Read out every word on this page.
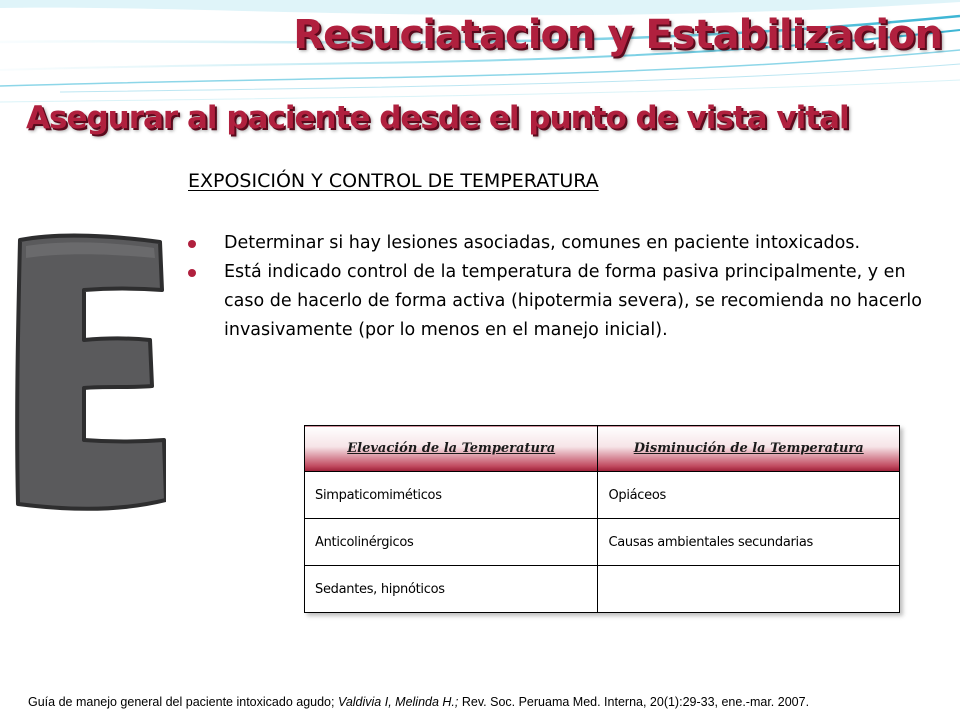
Resuciatacion y Estabilizacion
Asegurar al paciente desde el punto de vista vital
EXPOSICIÓN Y CONTROL DE TEMPERATURA
Determinar si hay lesiones asociadas, comunes en paciente intoxicados.
Está indicado control de la temperatura de forma pasiva principalmente, y en caso de hacerlo de forma activa (hipotermia severa), se recomienda no hacerlo invasivamente (por lo menos en el manejo inicial).
Elevación de la Temperatura	Disminución de la Temperatura
Simpaticomiméticos	Opiáceos
Anticolinérgicos	Causas ambientales secundarias
Sedantes, hipnóticos	
Guía de manejo general del paciente intoxicado agudo; Valdivia I, Melinda H.; Rev. Soc. Peruama Med. Interna, 20(1):29-33, ene.-mar. 2007.
